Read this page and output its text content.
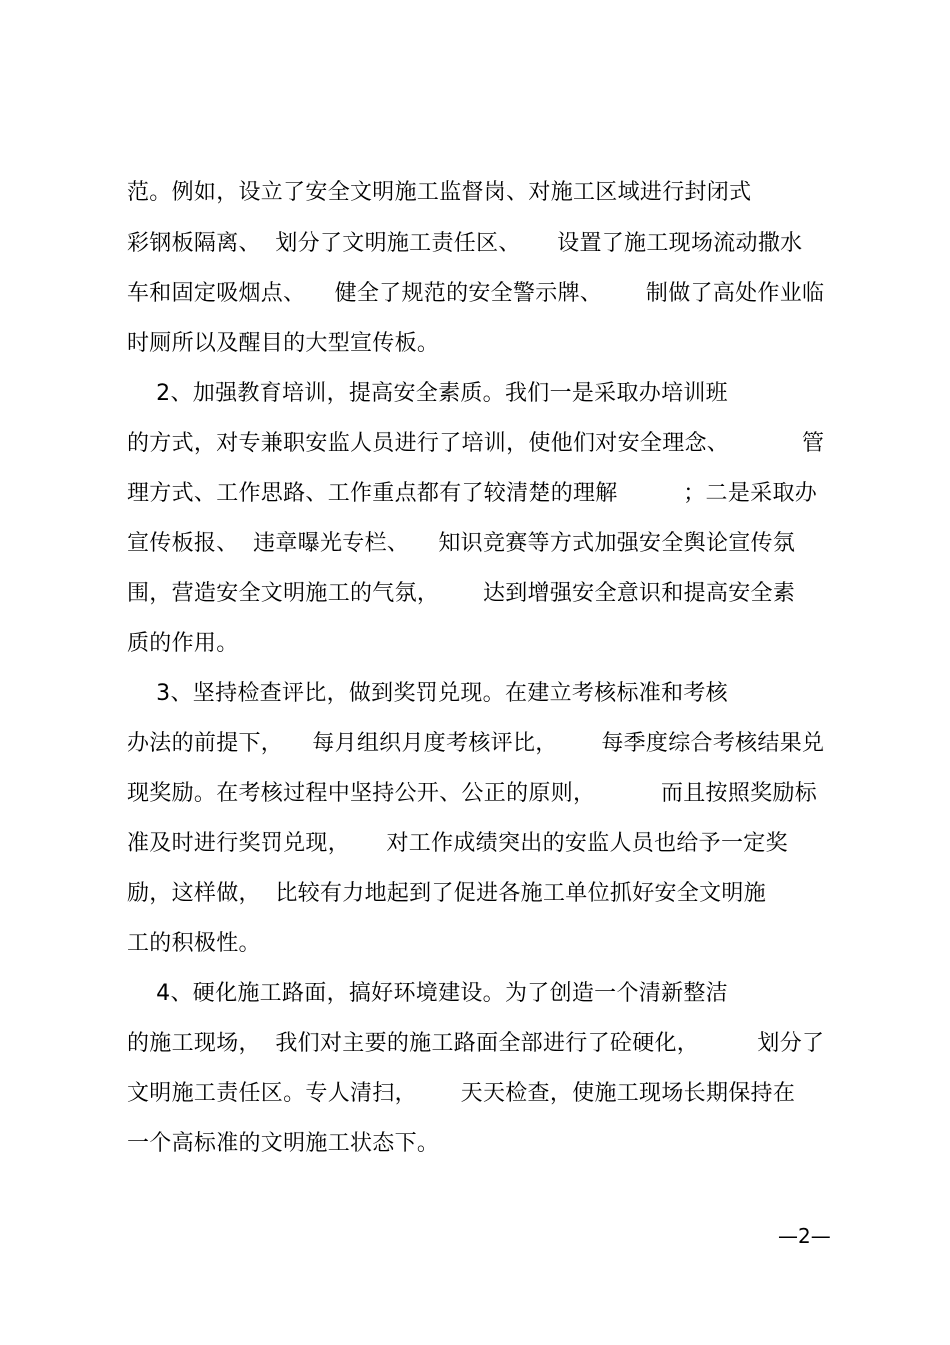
范。例如，设立了安全文明施工监督岗、对施工区域进行封闭式
彩钢板隔离、  划分了文明施工责任区、     设置了施工现场流动撒水
车和固定吸烟点、    健全了规范的安全警示牌、      制做了高处作业临
时厕所以及醒目的大型宣传板。
2、加强教育培训，提高安全素质。我们一是采取办培训班
的方式，对专兼职安监人员进行了培训，使他们对安全理念、          管
理方式、工作思路、工作重点都有了较清楚的理解         ；二是采取办
宣传板报、  违章曝光专栏、    知识竞赛等方式加强安全舆论宣传氛
围，营造安全文明施工的气氛，      达到增强安全意识和提高安全素
质的作用。
3、坚持检查评比，做到奖罚兑现。在建立考核标准和考核
办法的前提下，    每月组织月度考核评比，      每季度综合考核结果兑
现奖励。在考核过程中坚持公开、公正的原则，         而且按照奖励标
准及时进行奖罚兑现，     对工作成绩突出的安监人员也给予一定奖
励，这样做，  比较有力地起到了促进各施工单位抓好安全文明施
工的积极性。
4、硬化施工路面，搞好环境建设。为了创造一个清新整洁
的施工现场，  我们对主要的施工路面全部进行了砼硬化，        划分了
文明施工责任区。专人清扫，      天天检查，使施工现场长期保持在
一个高标准的文明施工状态下。
—2—
